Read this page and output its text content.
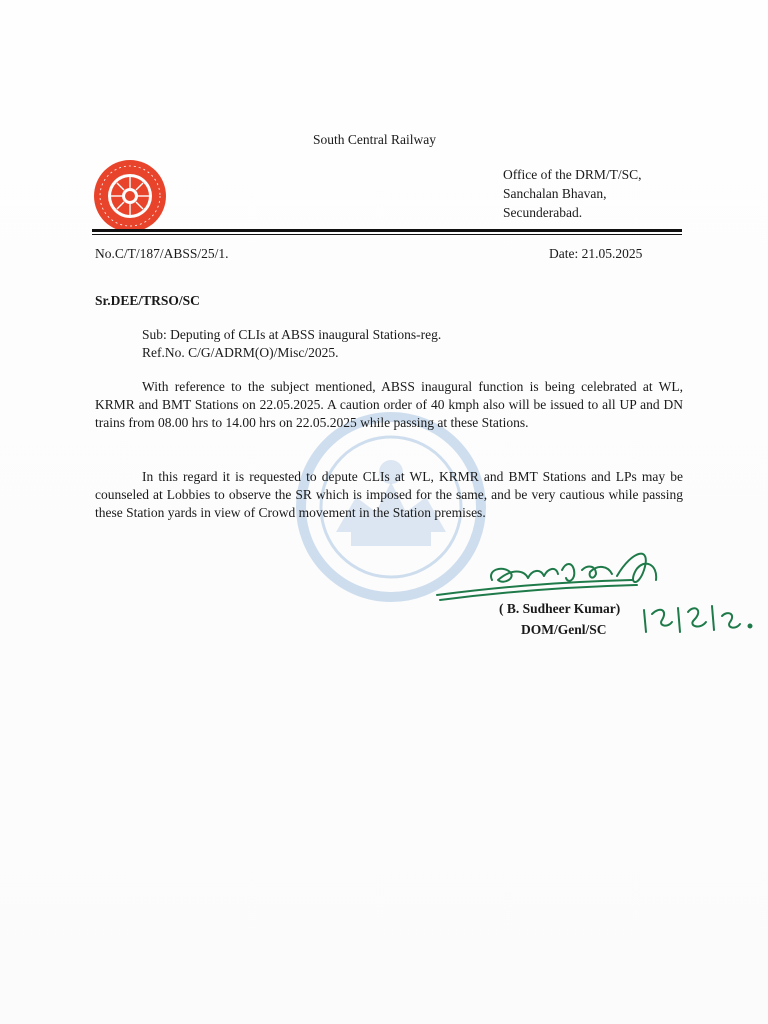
South Central Railway
Office of the DRM/T/SC,
Sanchalan Bhavan,
Secunderabad.
No.C/T/187/ABSS/25/1.	Date: 21.05.2025
Sr.DEE/TRSO/SC
Sub: Deputing of CLIs at ABSS inaugural Stations-reg.
Ref.No. C/G/ADRM(O)/Misc/2025.
With reference to the subject mentioned, ABSS inaugural function is being celebrated at WL, KRMR and BMT Stations on 22.05.2025. A caution order of 40 kmph also will be issued to all UP and DN trains from 08.00 hrs to 14.00 hrs on 22.05.2025 while passing at these Stations.
In this regard it is requested to depute CLIs at WL, KRMR and BMT Stations and LPs may be counseled at Lobbies to observe the SR which is imposed for the same, and be very cautious while passing these Station yards in view of Crowd movement in the Station premises.
( B. Sudheer Kumar)
DOM/Genl/SC
